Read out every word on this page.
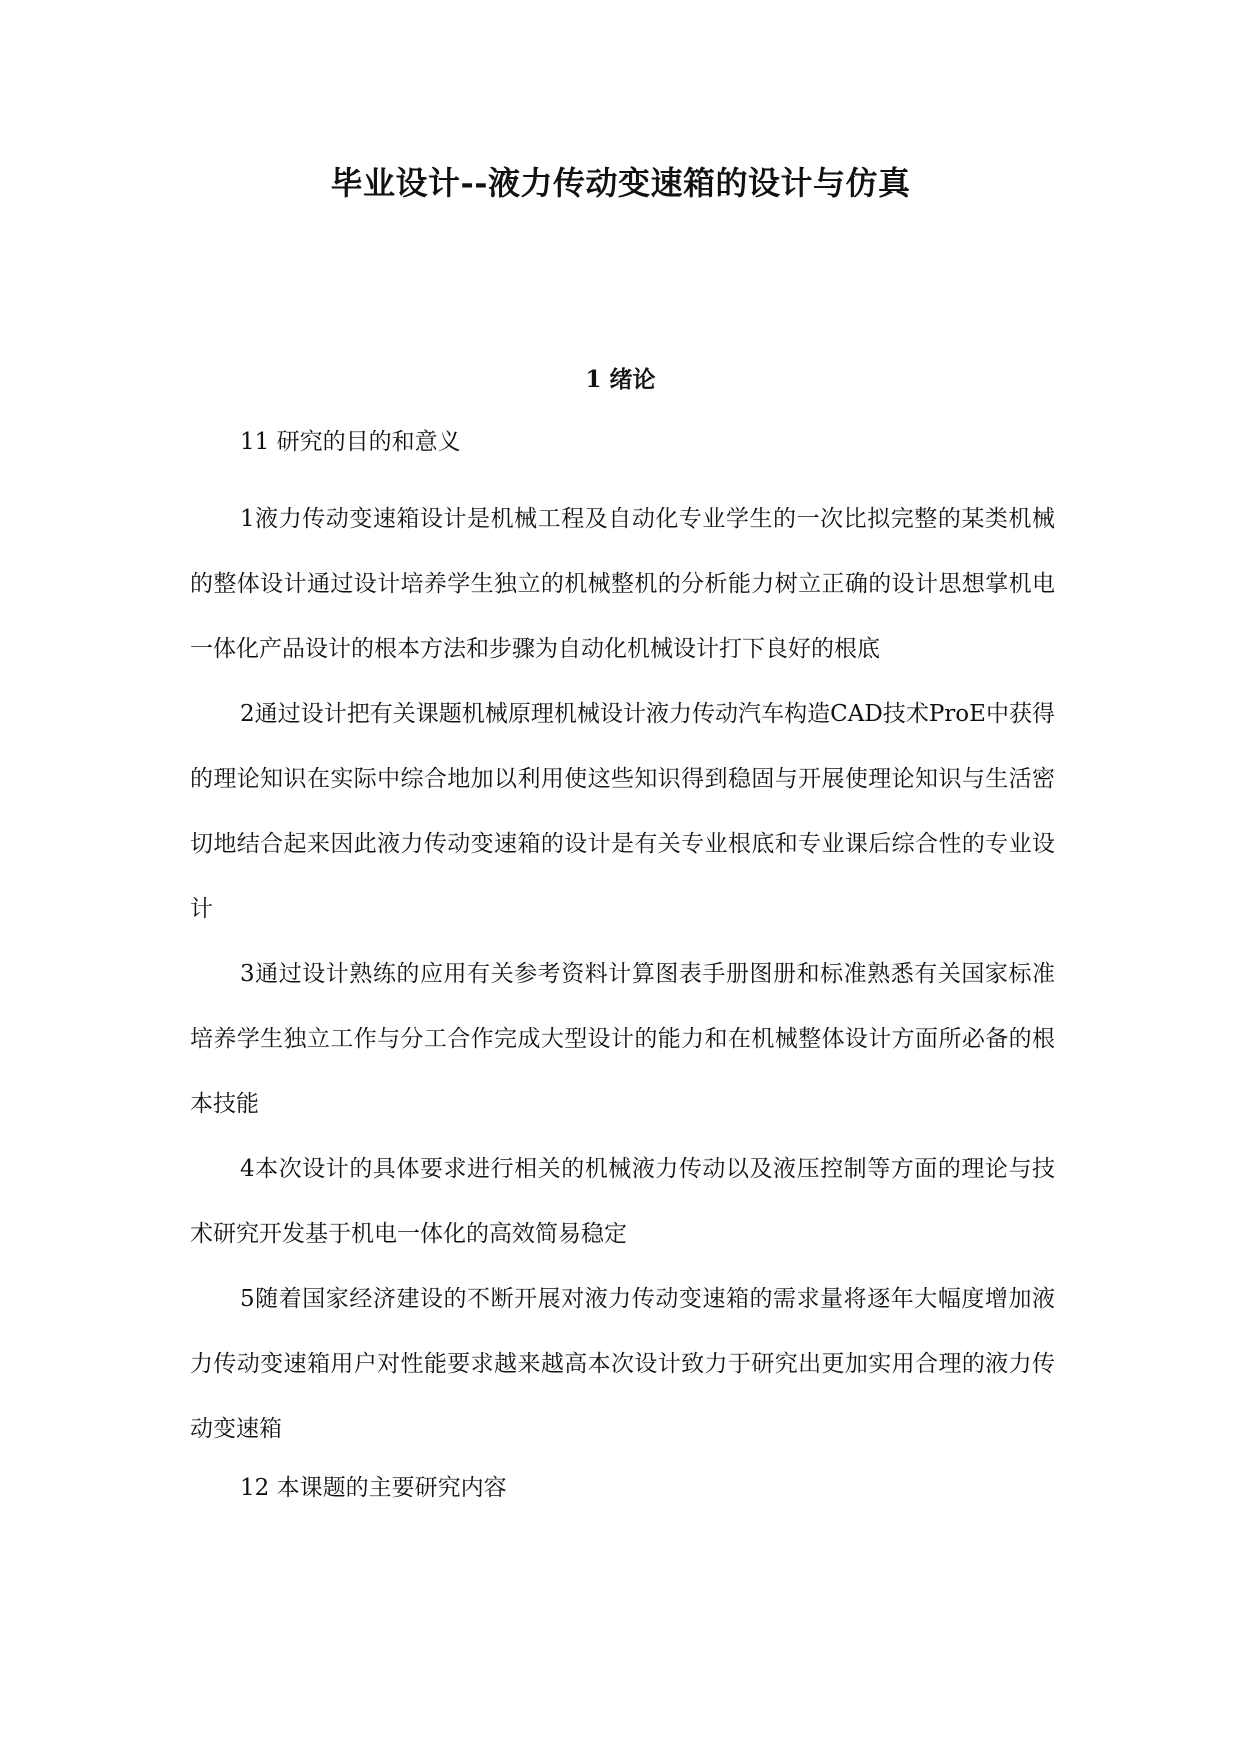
毕业设计--液力传动变速箱的设计与仿真
1 绪论

11 研究的目的和意义

1液力传动变速箱设计是机械工程及自动化专业学生的一次比拟完整的某类机械的整体设计通过设计培养学生独立的机械整机的分析能力树立正确的设计思想掌机电一体化产品设计的根本方法和步骤为自动化机械设计打下良好的根底

2通过设计把有关课题机械原理机械设计液力传动汽车构造CAD技术ProE中获得的理论知识在实际中综合地加以利用使这些知识得到稳固与开展使理论知识与生活密切地结合起来因此液力传动变速箱的设计是有关专业根底和专业课后综合性的专业设计

3通过设计熟练的应用有关参考资料计算图表手册图册和标准熟悉有关国家标准培养学生独立工作与分工合作完成大型设计的能力和在机械整体设计方面所必备的根本技能

4本次设计的具体要求进行相关的机械液力传动以及液压控制等方面的理论与技术研究开发基于机电一体化的高效简易稳定

5随着国家经济建设的不断开展对液力传动变速箱的需求量将逐年大幅度增加液力传动变速箱用户对性能要求越来越高本次设计致力于研究出更加实用合理的液力传动变速箱

12 本课题的主要研究内容
